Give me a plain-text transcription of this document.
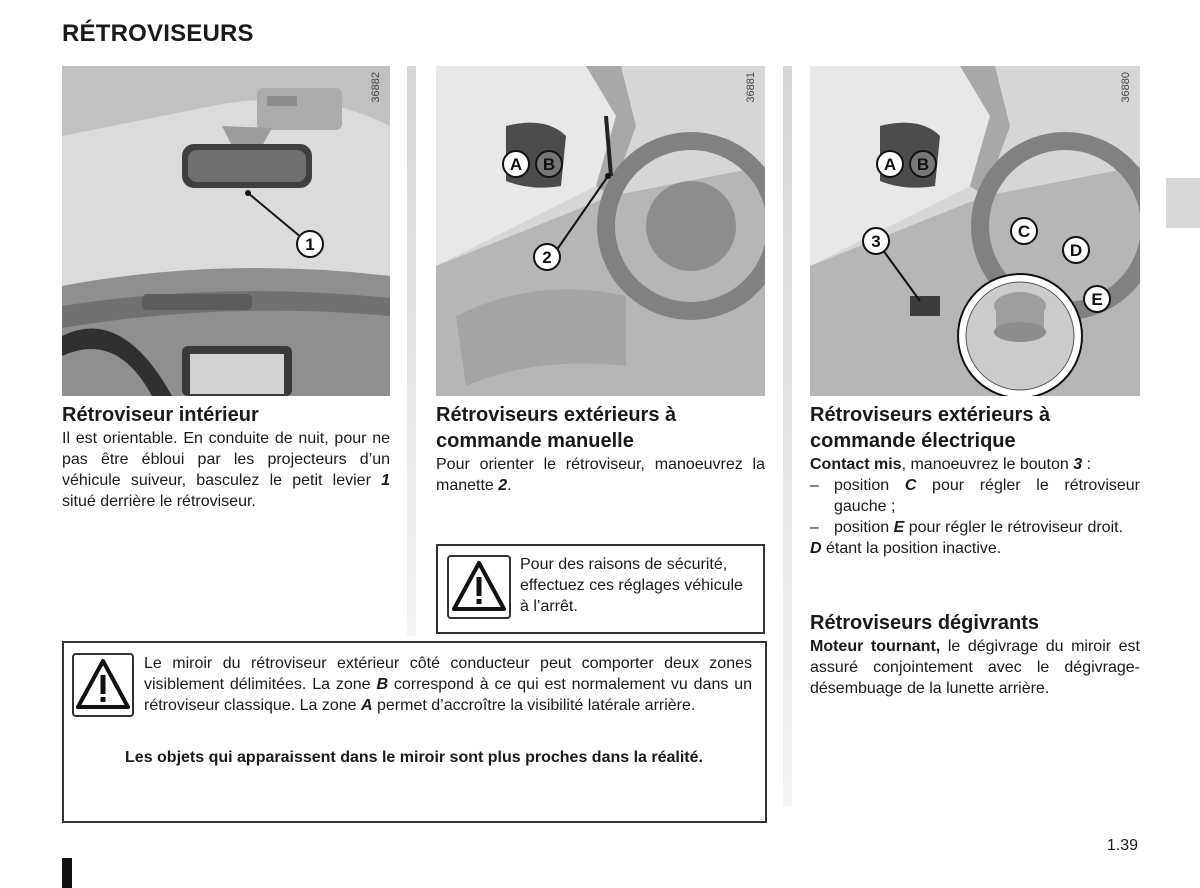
RÉTROVISEURS
1
36882
A B
2
36881
A B
3
C
D
E
36880
Rétroviseur intérieur
Il est orientable. En conduite de nuit, pour ne pas être ébloui par les projecteurs d’un véhicule suiveur, basculez le petit levier 1 situé derrière le rétroviseur.
Rétroviseurs extérieurs à
commande manuelle
Pour orienter le rétroviseur, manoeuvrez la manette 2.
Pour des raisons de sécurité, effectuez ces réglages véhicule à l’arrêt.
Rétroviseurs extérieurs à
commande électrique
Contact mis, manoeuvrez le bouton 3 :
– position C pour régler le rétroviseur gauche ;
– position E pour régler le rétroviseur droit.
D étant la position inactive.
Rétroviseurs dégivrants
Moteur tournant, le dégivrage du miroir est assuré conjointement avec le dégivrage-désembuage de la lunette arrière.
Le miroir du rétroviseur extérieur côté conducteur peut comporter deux zones visiblement délimitées. La zone B correspond à ce qui est normalement vu dans un rétroviseur classique. La zone A permet d’accroître la visibilité latérale arrière.
Les objets qui apparaissent dans le miroir sont plus proches dans la réalité.
1.39
